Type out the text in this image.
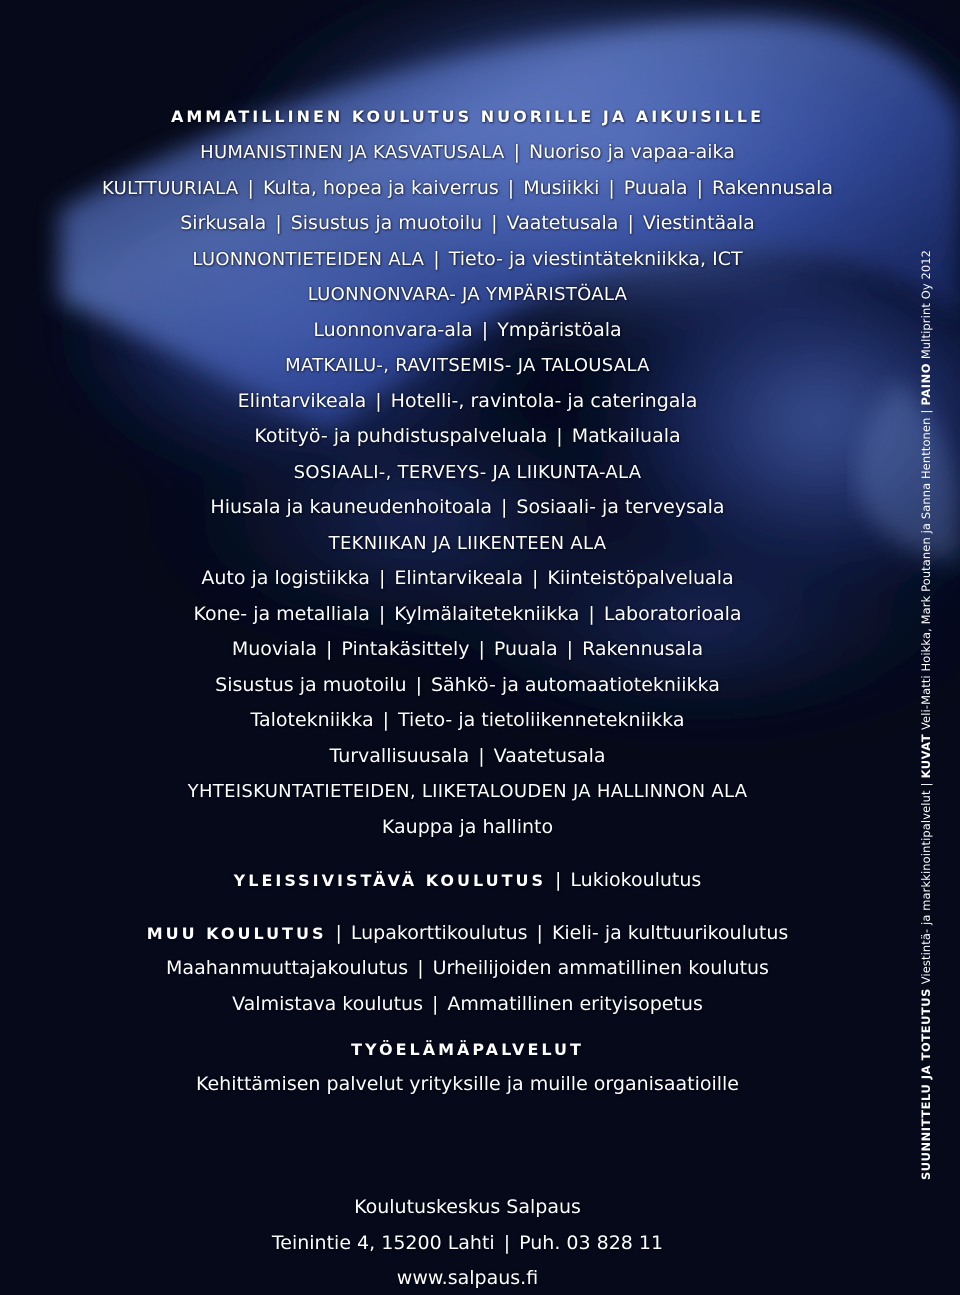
HUMANISTINEN JA KASVATUSALA | Nuoriso ja vapaa-aika
KULTTUURIALA | Kulta, hopea ja kaiverrus | Musiikki | Puuala | Rakennusala
Sirkusala | Sisustus ja muotoilu | Vaatetusala | Viestintäala
LUONNONTIETEIDEN ALA | Tieto- ja viestintätekniikka, ICT
LUONNONVARA- JA YMPÄRISTÖALA
Luonnonvara-ala | Ympäristöala
MATKAILU-, RAVITSEMIS- JA TALOUSALA
Elintarvikeala | Hotelli-, ravintola- ja cateringala
Kotityö- ja puhdistuspalveluala | Matkailuala
SOSIAALI-, TERVEYS- JA LIIKUNTA-ALA
Hiusala ja kauneudenhoitoala | Sosiaali- ja terveysala
TEKNIIKAN JA LIIKENTEEN ALA
Auto ja logistiikka | Elintarvikeala | Kiinteistöpalveluala
Kone- ja metalliala | Kylmälaitetekniikka | Laboratorioala
Muoviala | Pintakäsittely | Puuala | Rakennusala
Sisustus ja muotoilu | Sähkö- ja automaatiotekniikka
Talotekniikka | Tieto- ja tietoliikennetekniikka
Turvallisuusala | Vaatetusala
YHTEISKUNTATIETEIDEN, LIIKETALOUDEN JA HALLINNON ALA
Kauppa ja hallinto
Maahanmuuttajakoulutus | Urheilijoiden ammatillinen koulutus
Valmistava koulutus | Ammatillinen erityisopetus
AMMATILLINEN KOULUTUS NUORILLE JA AIKUISILLE
YLEISSIVISTÄVÄ KOULUTUS | Lukiokoulutus
MUU KOULUTUS | Lupakorttikoulutus | Kieli- ja kulttuurikoulutus
TYÖELÄMÄPALVELUT
Kehittämisen palvelut yrityksille ja muille organisaatioille
Koulutuskeskus Salpaus
Teinintie 4, 15200 Lahti | Puh. 03 828 11
www.salpaus.fi
SUUNNITTELU JA TOTEUTUS Viestintä- ja markkinointipalvelut|KUVAT Veli-Matti Hoikka, Mark Poutanen ja Sanna Henttonen|PAINO Multiprint Oy 2012
